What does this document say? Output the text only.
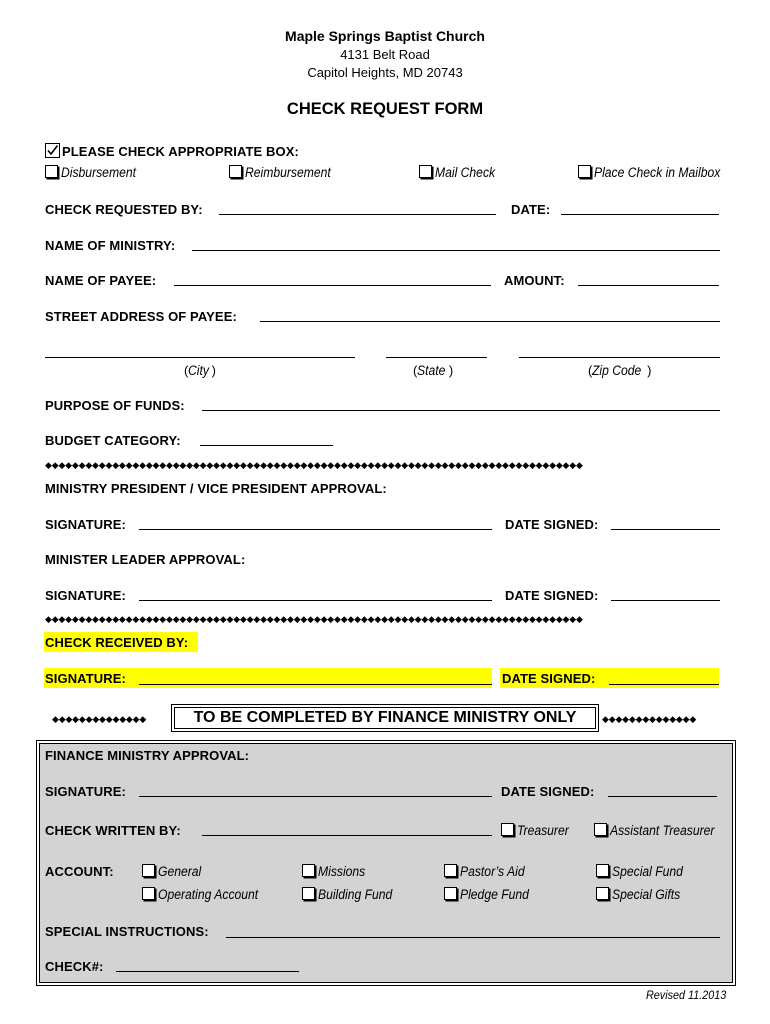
Maple Springs Baptist Church
4131 Belt Road
Capitol Heights, MD 20743
CHECK REQUEST FORM
PLEASE CHECK APPROPRIATE BOX:
Disbursement	Reimbursement	Mail Check	Place Check in Mailbox
CHECK REQUESTED BY:	DATE:
NAME OF MINISTRY:
NAME OF PAYEE:	AMOUNT:
STREET ADDRESS OF PAYEE:
(City )	(State )	(Zip Code )
PURPOSE OF FUNDS:
BUDGET CATEGORY:
◆◆◆◆◆◆◆◆◆◆◆◆◆◆◆◆◆◆◆◆◆◆◆◆◆◆◆◆◆◆◆◆◆◆◆◆◆◆◆◆◆◆◆◆◆◆◆◆◆◆◆◆◆◆◆◆◆◆◆◆◆◆◆◆◆◆◆◆◆◆◆◆◆◆◆◆◆◆◆◆
MINISTRY PRESIDENT / VICE PRESIDENT APPROVAL:
SIGNATURE:	DATE SIGNED:
MINISTER LEADER APPROVAL:
SIGNATURE:	DATE SIGNED:
◆◆◆◆◆◆◆◆◆◆◆◆◆◆◆◆◆◆◆◆◆◆◆◆◆◆◆◆◆◆◆◆◆◆◆◆◆◆◆◆◆◆◆◆◆◆◆◆◆◆◆◆◆◆◆◆◆◆◆◆◆◆◆◆◆◆◆◆◆◆◆◆◆◆◆◆◆◆◆◆
CHECK RECEIVED BY:
SIGNATURE:	DATE SIGNED:
◆◆◆◆◆◆◆◆◆◆◆◆◆◆	TO BE COMPLETED BY FINANCE MINISTRY ONLY	◆◆◆◆◆◆◆◆◆◆◆◆◆◆
FINANCE MINISTRY APPROVAL:
SIGNATURE:	DATE SIGNED:
CHECK WRITTEN BY:	Treasurer	Assistant Treasurer
ACCOUNT:	General	Missions	Pastor’s Aid	Special Fund
Operating Account	Building Fund	Pledge Fund	Special Gifts
SPECIAL INSTRUCTIONS:
CHECK#:
Revised 11.2013
